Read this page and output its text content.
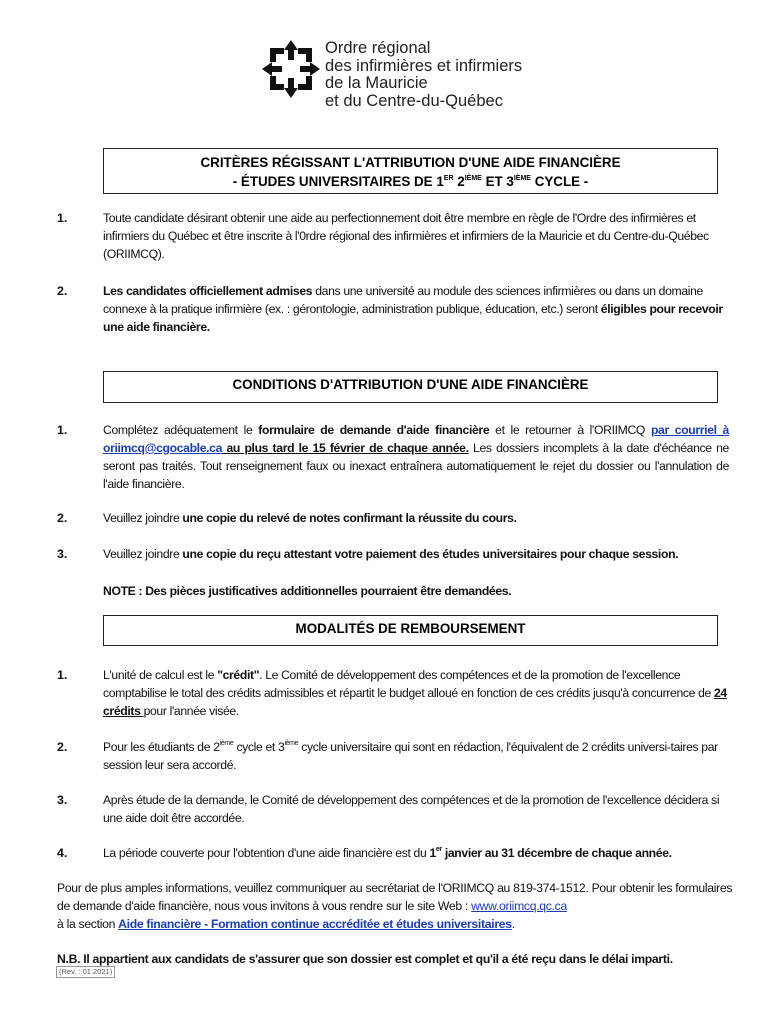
Ordre régional
des infirmières et infirmiers
de la Mauricie
et du Centre-du-Québec
CRITÈRES RÉGISSANT L'ATTRIBUTION D'UNE AIDE FINANCIÈRE
- ÉTUDES UNIVERSITAIRES DE 1ER 2IÈME ET 3IÈME CYCLE -
1.	Toute candidate désirant obtenir une aide au perfectionnement doit être membre en règle de l'Ordre des infirmières et infirmiers du Québec et être inscrite à l'0rdre régional des infirmières et infirmiers de la Mauricie et du Centre-du-Québec (ORIIMCQ).
2.	Les candidates officiellement admises dans une université au module des sciences infirmières ou dans un domaine connexe à la pratique infirmière (ex. : gérontologie, administration publique, éducation, etc.) seront éligibles pour recevoir une aide financière.
CONDITIONS D'ATTRIBUTION D'UNE AIDE FINANCIÈRE
1.	Complétez adéquatement le formulaire de demande d'aide financière et le retourner à l'ORIIMCQ par courriel à oriimcq@cgocable.ca au plus tard le 15 février de chaque année. Les dossiers incomplets à la date d'échéance ne seront pas traités. Tout renseignement faux ou inexact entraînera automatiquement le rejet du dossier ou l'annulation de l'aide financière.
2.	Veuillez joindre une copie du relevé de notes confirmant la réussite du cours.
3.	Veuillez joindre une copie du reçu attestant votre paiement des études universitaires pour chaque session.
NOTE : Des pièces justificatives additionnelles pourraient être demandées.
MODALITÉS DE REMBOURSEMENT
1.	L'unité de calcul est le "crédit". Le Comité de développement des compétences et de la promotion de l'excellence comptabilise le total des crédits admissibles et répartit le budget alloué en fonction de ces crédits jusqu'à concurrence de 24 crédits pour l'année visée.
2.	Pour les étudiants de 2ième cycle et 3ième cycle universitaire qui sont en rédaction, l'équivalent de 2 crédits universi-taires par session leur sera accordé.
3.	Après étude de la demande, le Comité de développement des compétences et de la promotion de l'excellence décidera si une aide doit être accordée.
4.	La période couverte pour l'obtention d'une aide financière est du 1er janvier au 31 décembre de chaque année.
Pour de plus amples informations, veuillez communiquer au secrétariat de l'ORIIMCQ au 819-374-1512. Pour obtenir les formulaires de demande d'aide financière, nous vous invitons à vous rendre sur le site Web : www.oriimcq.qc.ca
à la section Aide financière - Formation continue accréditée et études universitaires.
N.B. Il appartient aux candidats de s'assurer que son dossier est complet et qu'il a été reçu dans le délai imparti.
(Rev. : 01.2021)
